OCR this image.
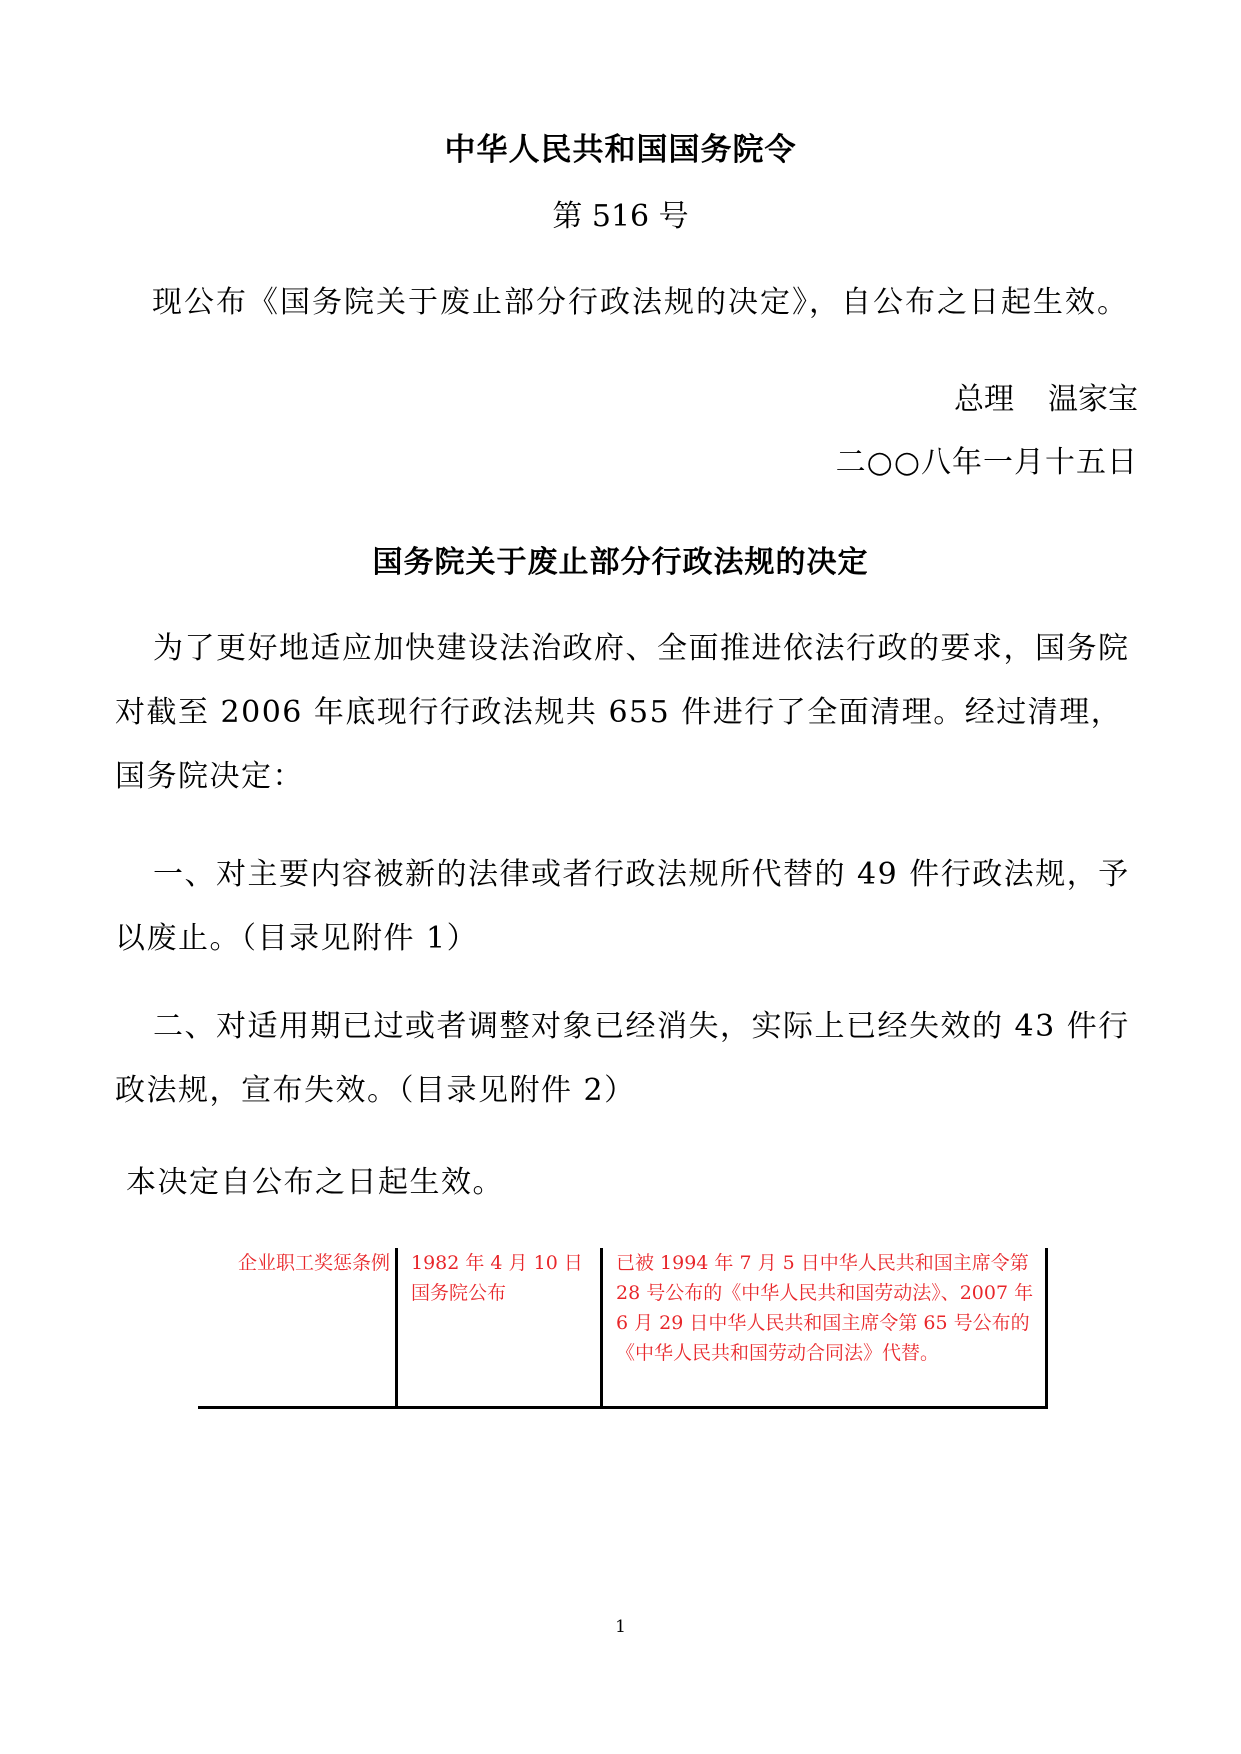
中华人民共和国国务院令
第 516 号
现公布《国务院关于废止部分行政法规的决定》，自公布之日起生效。
总理 温家宝
二○○八年一月十五日
国务院关于废止部分行政法规的决定
为了更好地适应加快建设法治政府、全面推进依法行政的要求，国务院对截至 2006 年底现行行政法规共 655 件进行了全面清理。经过清理，国务院决定：
一、对主要内容被新的法律或者行政法规所代替的 49 件行政法规，予以废止。（目录见附件 1）
二、对适用期已过或者调整对象已经消失，实际上已经失效的 43 件行政法规，宣布失效。（目录见附件 2）
本决定自公布之日起生效。
企业职工奖惩条例 1982 年 4 月 10 日国务院公布
已被 1994 年 7 月 5 日中华人民共和国主席令第 28 号公布的《中华人民共和国劳动法》、2007 年 6 月 29 日中华人民共和国主席令第 65 号公布的《中华人民共和国劳动合同法》代替。
1
